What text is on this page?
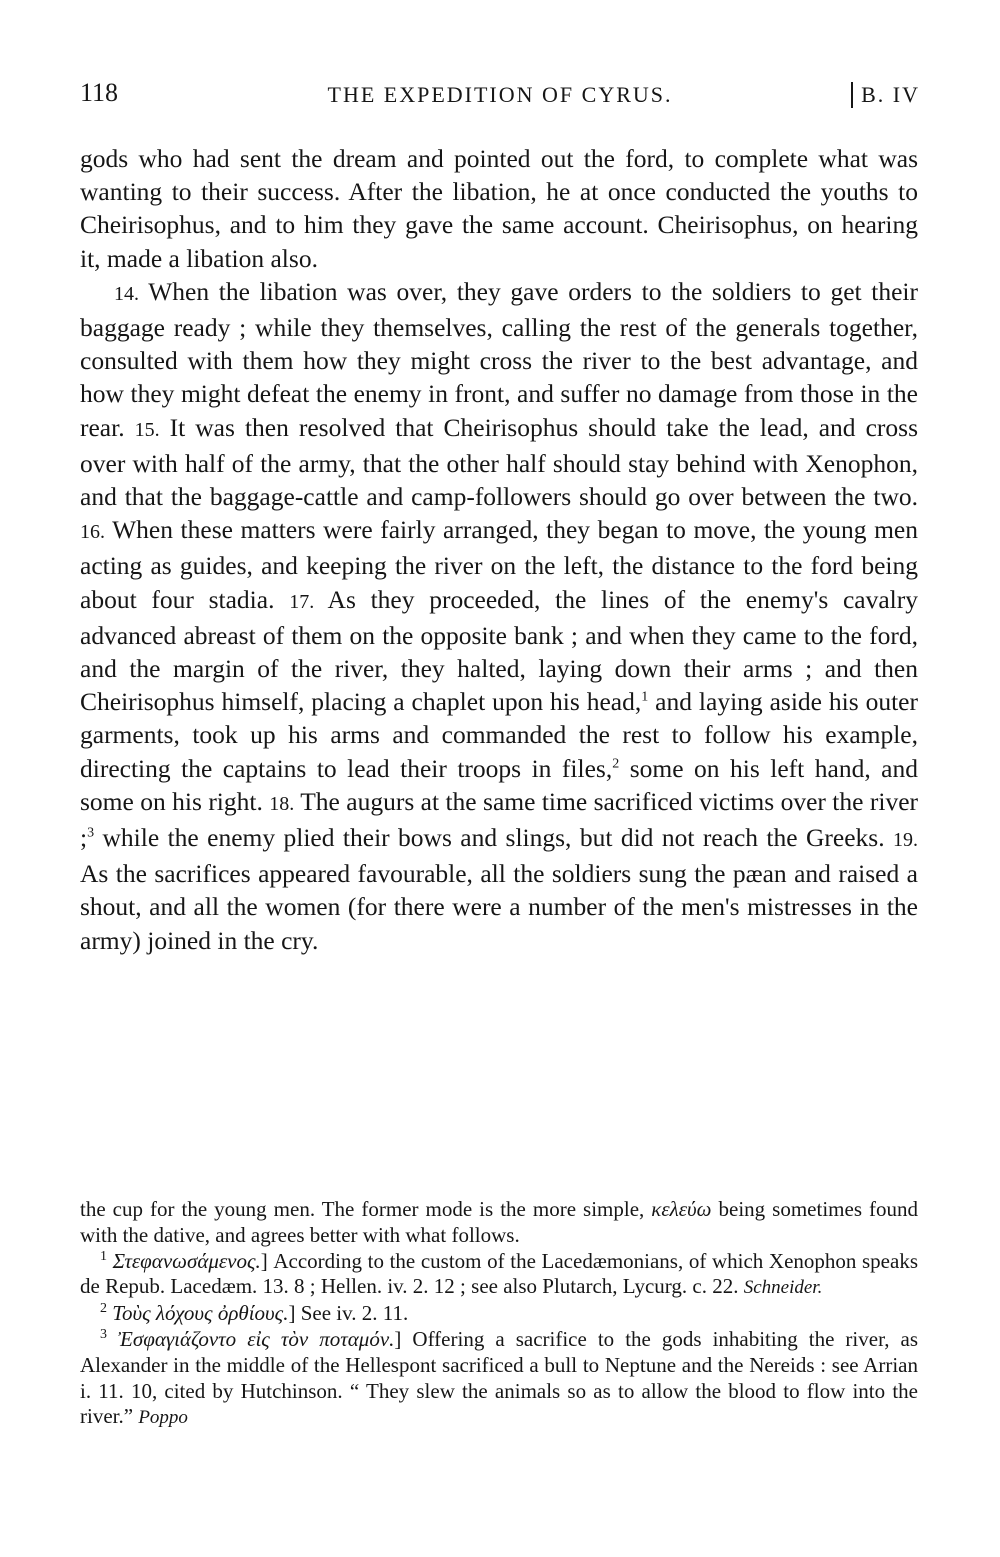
118	THE EXPEDITION OF CYRUS.	B. IV

gods who had sent the dream and pointed out the ford, to complete what was wanting to their success. After the libation, he at once conducted the youths to Cheirisophus, and to him they gave the same account. Cheirisophus, on hearing it, made a libation also.

14. When the libation was over, they gave orders to the soldiers to get their baggage ready ; while they themselves, calling the rest of the generals together, consulted with them how they might cross the river to the best advantage, and how they might defeat the enemy in front, and suffer no damage from those in the rear. 15. It was then resolved that Cheirisophus should take the lead, and cross over with half of the army, that the other half should stay behind with Xenophon, and that the baggage-cattle and camp-followers should go over between the two. 16. When these matters were fairly arranged, they began to move, the young men acting as guides, and keeping the river on the left, the distance to the ford being about four stadia. 17. As they proceeded, the lines of the enemy's cavalry advanced abreast of them on the opposite bank ; and when they came to the ford, and the margin of the river, they halted, laying down their arms ; and then Cheirisophus himself, placing a chaplet upon his head,$^1$ and laying aside his outer garments, took up his arms and commanded the rest to follow his example, directing the captains to lead their troops in files,$^2$ some on his left hand, and some on his right. 18. The augurs at the same time sacrificed victims over the river ;$^3$ while the enemy plied their bows and slings, but did not reach the Greeks. 19. As the sacrifices appeared favourable, all the soldiers sung the pæan and raised a shout, and all the women (for there were a number of the men's mistresses in the army) joined in the cry.

the cup for the young men. The former mode is the more simple, κελεύω being sometimes found with the dative, and agrees better with what follows.

$^1$ Στεφανωσάμενος.] According to the custom of the Lacedæmonians, of which Xenophon speaks de Repub. Lacedæm. 13. 8 ; Hellen. iv. 2. 12 ; see also Plutarch, Lycurg. c. 22. Schneider.

$^2$ Τοὺς λόχους ὀρθίους.] See iv. 2. 11.

$^3$ Ἐσφαγιάζοντο εἰς τὸν ποταμόν.] Offering a sacrifice to the gods inhabiting the river, as Alexander in the middle of the Hellespont sacrificed a bull to Neptune and the Nereids : see Arrian i. 11. 10, cited by Hutchinson. “ They slew the animals so as to allow the blood to flow into the river.” Poppo
